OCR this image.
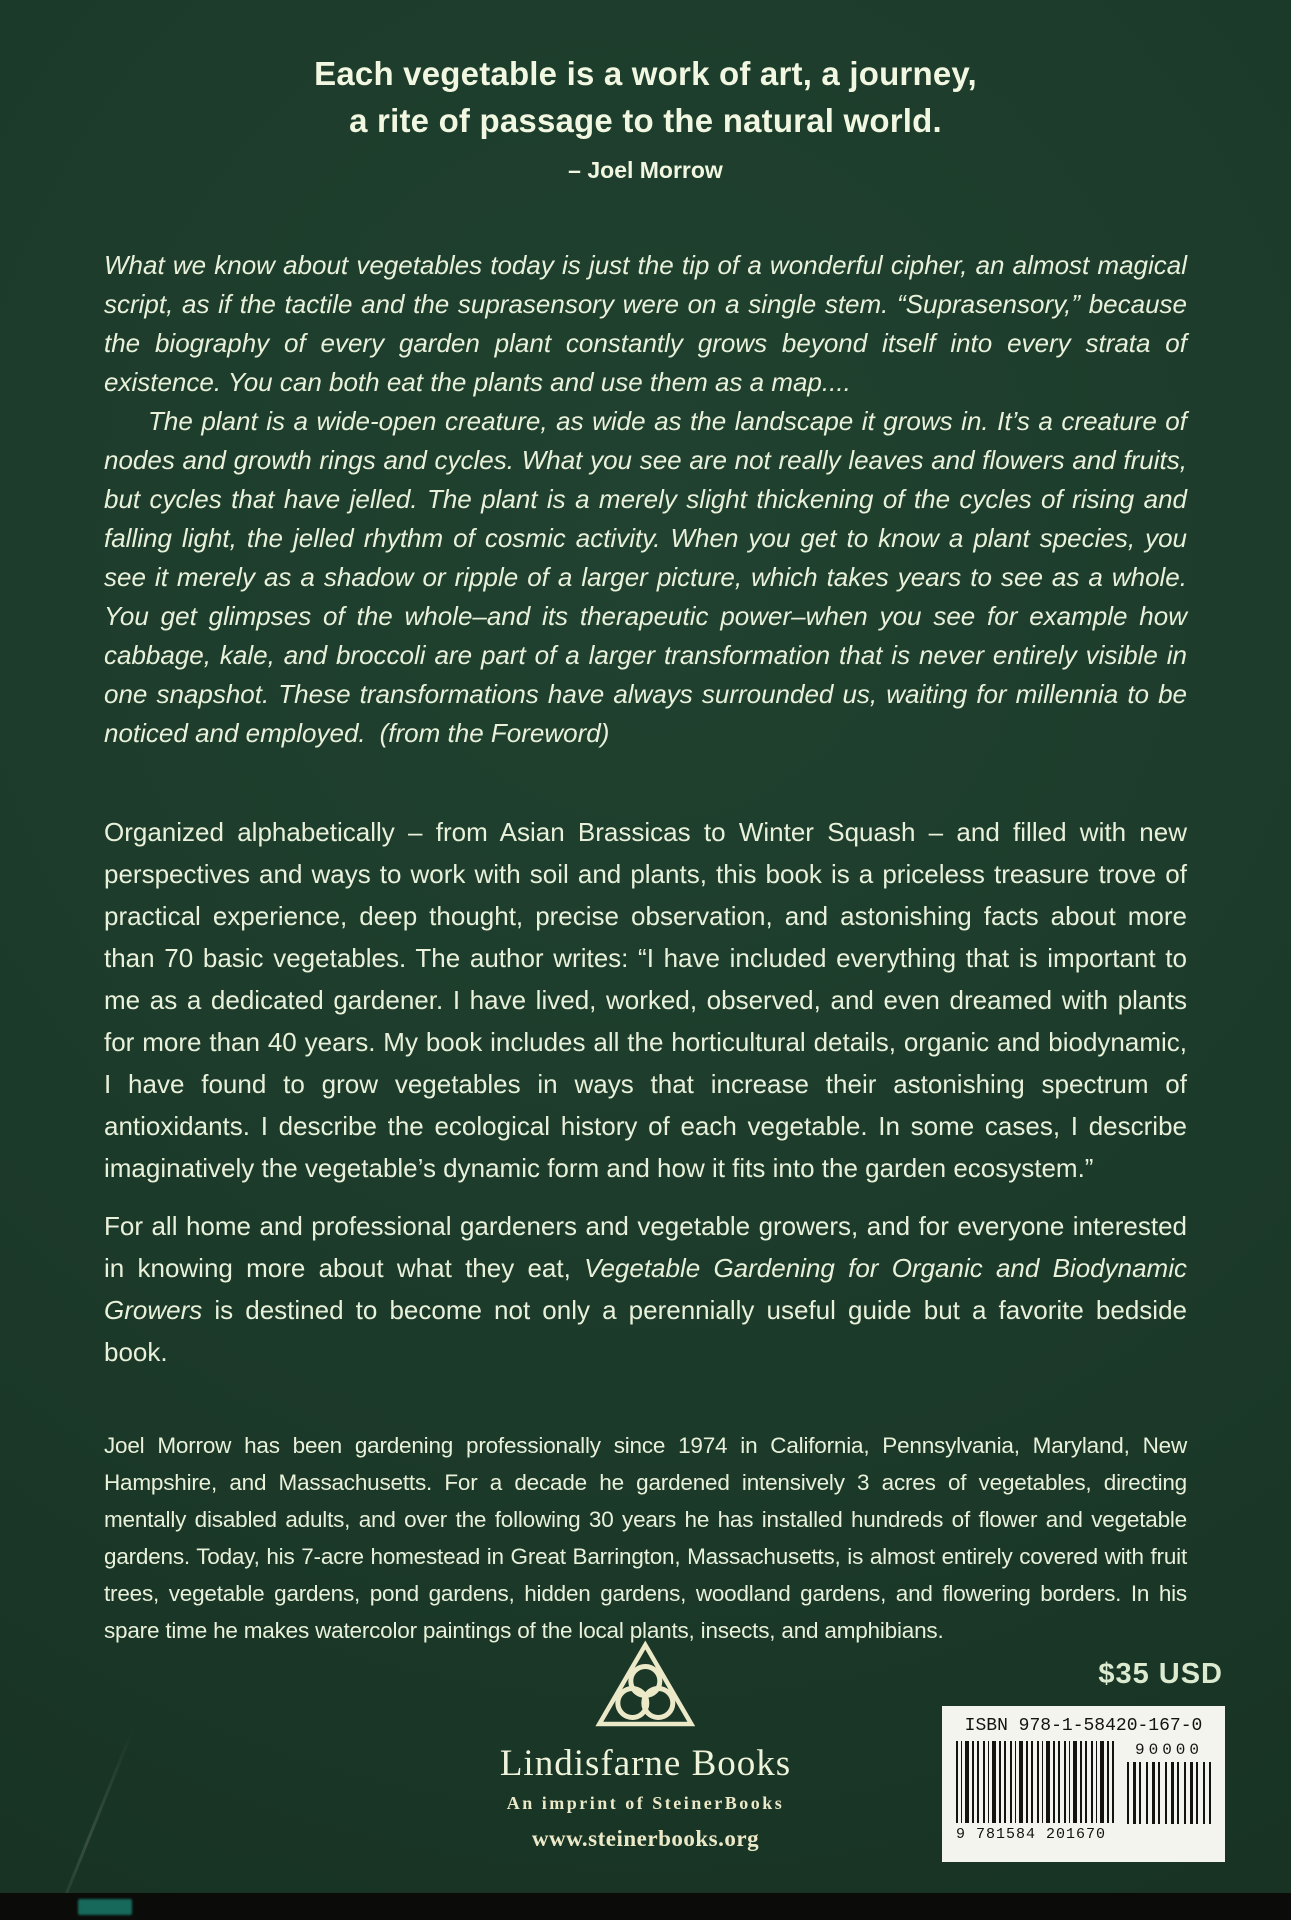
Each vegetable is a work of art, a journey,
a rite of passage to the natural world.
– Joel Morrow

What we know about vegetables today is just the tip of a wonderful cipher, an almost magical script, as if the tactile and the suprasensory were on a single stem. “Suprasensory,” because the biography of every garden plant constantly grows beyond itself into every strata of existence. You can both eat the plants and use them as a map....

The plant is a wide-open creature, as wide as the landscape it grows in. It’s a creature of nodes and growth rings and cycles. What you see are not really leaves and flowers and fruits, but cycles that have jelled. The plant is a merely slight thickening of the cycles of rising and falling light, the jelled rhythm of cosmic activity. When you get to know a plant species, you see it merely as a shadow or ripple of a larger picture, which takes years to see as a whole. You get glimpses of the whole–and its therapeutic power–when you see for example how cabbage, kale, and broccoli are part of a larger transformation that is never entirely visible in one snapshot. These transformations have always surrounded us, waiting for millennia to be noticed and employed. (from the Foreword)

Organized alphabetically – from Asian Brassicas to Winter Squash – and filled with new perspectives and ways to work with soil and plants, this book is a priceless treasure trove of practical experience, deep thought, precise observation, and astonishing facts about more than 70 basic vegetables. The author writes: “I have included everything that is important to me as a dedicated gardener. I have lived, worked, observed, and even dreamed with plants for more than 40 years. My book includes all the horticultural details, organic and biodynamic, I have found to grow vegetables in ways that increase their astonishing spectrum of antioxidants. I describe the ecological history of each vegetable. In some cases, I describe imaginatively the vegetable’s dynamic form and how it fits into the garden ecosystem.”
For all home and professional gardeners and vegetable growers, and for everyone interested in knowing more about what they eat, Vegetable Gardening for Organic and Biodynamic Growers is destined to become not only a perennially useful guide but a favorite bedside book.
Joel Morrow has been gardening professionally since 1974 in California, Pennsylvania, Maryland, New Hampshire, and Massachusetts. For a decade he gardened intensively 3 acres of vegetables, directing mentally disabled adults, and over the following 30 years he has installed hundreds of flower and vegetable gardens. Today, his 7-acre homestead in Great Barrington, Massachusetts, is almost entirely covered with fruit trees, vegetable gardens, pond gardens, hidden gardens, woodland gardens, and flowering borders. In his spare time he makes watercolor paintings of the local plants, insects, and amphibians.
Lindisfarne Books
An imprint of SteinerBooks
www.steinerbooks.org
$35 USD
ISBN 978-1-58420-167-0
9 781584 201670
90000
